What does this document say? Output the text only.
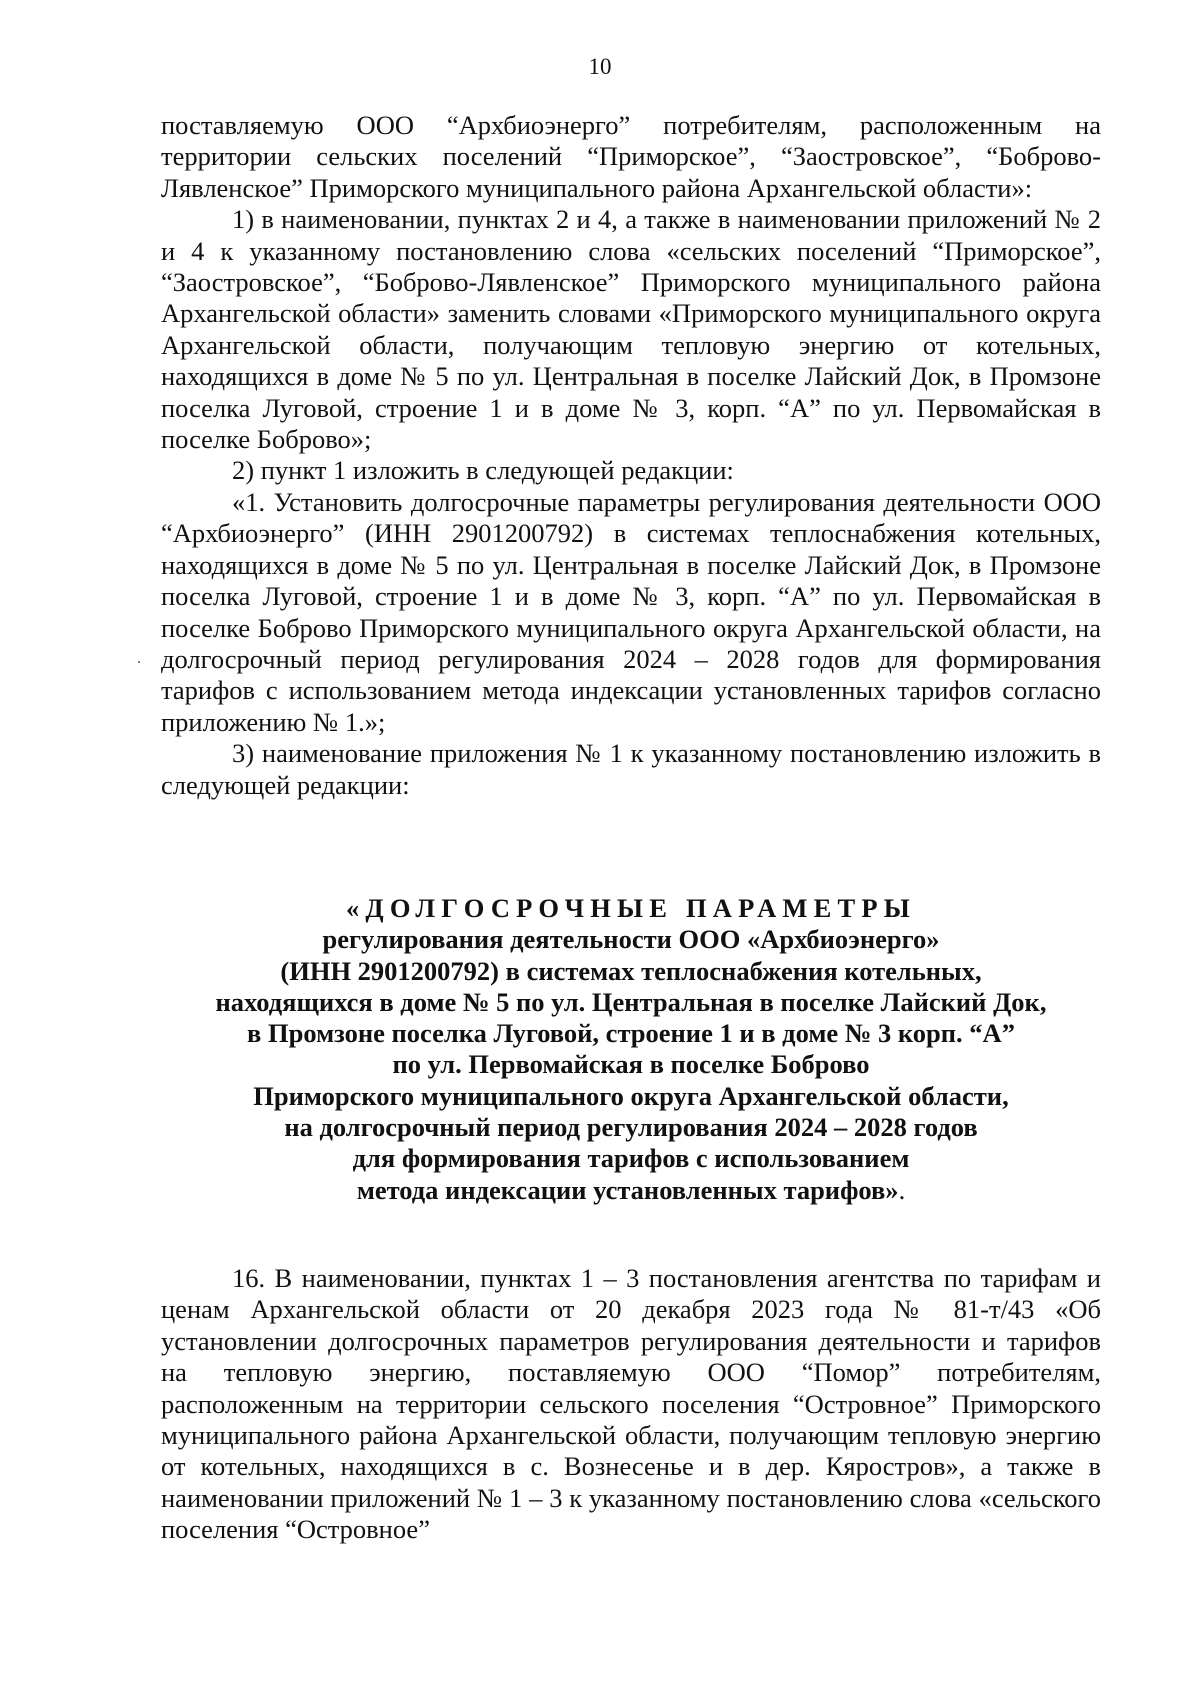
10

поставляемую ООО “Архбиоэнерго” потребителям, расположенным на территории сельских поселений “Приморское”, “Заостровское”, “Боброво-Лявленское” Приморского муниципального района Архангельской области»:

1) в наименовании, пунктах 2 и 4, а также в наименовании приложений № 2 и 4 к указанному постановлению слова «сельских поселений “Приморское”, “Заостровское”, “Боброво-Лявленское” Приморского муниципального района Архангельской области» заменить словами «Приморского муниципального округа Архангельской области, получающим тепловую энергию от котельных, находящихся в доме № 5 по ул. Центральная в поселке Лайский Док, в Промзоне поселка Луговой, строение 1 и в доме № 3, корп. “А” по ул. Первомайская в поселке Боброво»;

2) пункт 1 изложить в следующей редакции:

«1. Установить долгосрочные параметры регулирования деятельности ООО “Архбиоэнерго” (ИНН 2901200792) в системах теплоснабжения котельных, находящихся в доме № 5 по ул. Центральная в поселке Лайский Док, в Промзоне поселка Луговой, строение 1 и в доме № 3, корп. “А” по ул. Первомайская в поселке Боброво Приморского муниципального округа Архангельской области, на долгосрочный период регулирования 2024 – 2028 годов для формирования тарифов с использованием метода индексации установленных тарифов согласно приложению № 1.»;

3) наименование приложения № 1 к указанному постановлению изложить в следующей редакции:

«ДОЛГОСРОЧНЫЕ ПАРАМЕТРЫ
регулирования деятельности ООО «Архбиоэнерго»
(ИНН 2901200792) в системах теплоснабжения котельных,
находящихся в доме № 5 по ул. Центральная в поселке Лайский Док,
в Промзоне поселка Луговой, строение 1 и в доме № 3 корп. “А”
по ул. Первомайская в поселке Боброво
Приморского муниципального округа Архангельской области,
на долгосрочный период регулирования 2024 – 2028 годов
для формирования тарифов с использованием
метода индексации установленных тарифов».

16. В наименовании, пунктах 1 – 3 постановления агентства по тарифам и ценам Архангельской области от 20 декабря 2023 года № 81-т/43 «Об установлении долгосрочных параметров регулирования деятельности и тарифов на тепловую энергию, поставляемую ООО “Помор” потребителям, расположенным на территории сельского поселения “Островное” Приморского муниципального района Архангельской области, получающим тепловую энергию от котельных, находящихся в с. Вознесенье и в дер. Кяростров», а также в наименовании приложений № 1 – 3 к указанному постановлению слова «сельского поселения “Островное”
